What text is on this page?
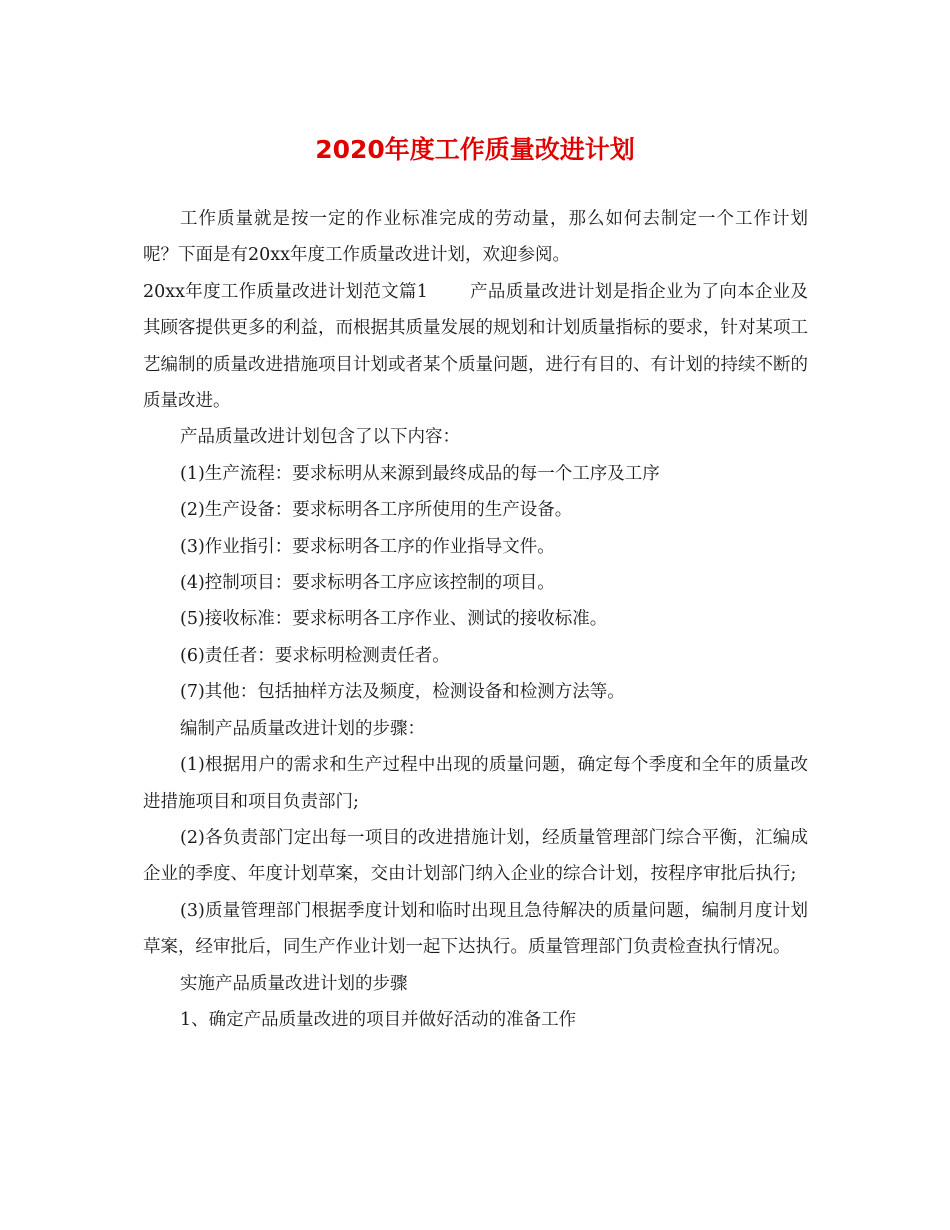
2020年度工作质量改进计划

工作质量就是按一定的作业标准完成的劳动量，那么如何去制定一个工作计划呢？下面是有20xx年度工作质量改进计划，欢迎参阅。

20xx年度工作质量改进计划范文篇1 产品质量改进计划是指企业为了向本企业及其顾客提供更多的利益，而根据其质量发展的规划和计划质量指标的要求，针对某项工艺编制的质量改进措施项目计划或者某个质量问题，进行有目的、有计划的持续不断的质量改进。

产品质量改进计划包含了以下内容：

(1)生产流程：要求标明从来源到最终成品的每一个工序及工序

(2)生产设备：要求标明各工序所使用的生产设备。

(3)作业指引：要求标明各工序的作业指导文件。

(4)控制项目：要求标明各工序应该控制的项目。

(5)接收标准：要求标明各工序作业、测试的接收标准。

(6)责任者：要求标明检测责任者。

(7)其他：包括抽样方法及频度，检测设备和检测方法等。

编制产品质量改进计划的步骤：

(1)根据用户的需求和生产过程中出现的质量问题，确定每个季度和全年的质量改进措施项目和项目负责部门;

(2)各负责部门定出每一项目的改进措施计划，经质量管理部门综合平衡，汇编成企业的季度、年度计划草案，交由计划部门纳入企业的综合计划，按程序审批后执行;

(3)质量管理部门根据季度计划和临时出现且急待解决的质量问题，编制月度计划草案，经审批后，同生产作业计划一起下达执行。质量管理部门负责检查执行情况。

实施产品质量改进计划的步骤

1、确定产品质量改进的项目并做好活动的准备工作
